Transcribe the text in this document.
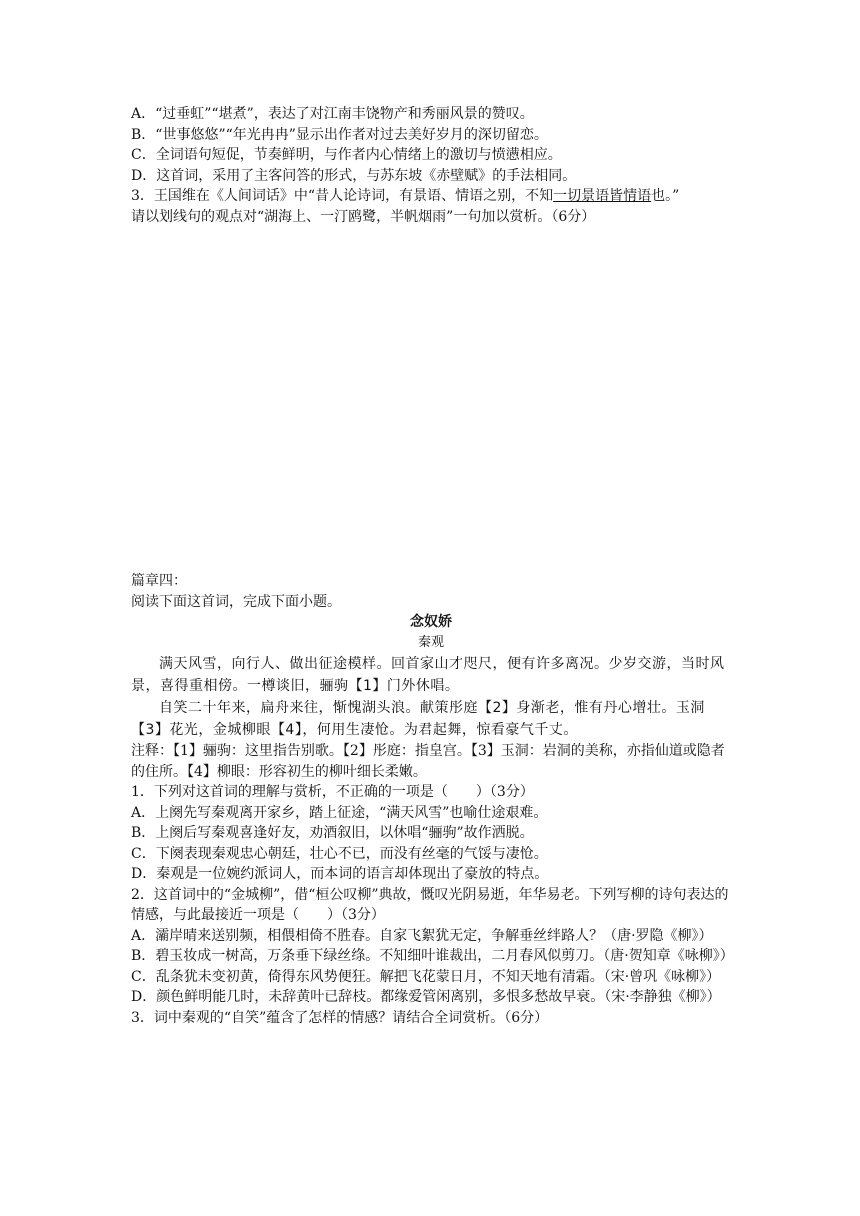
A．“过垂虹”“堪煮”，表达了对江南丰饶物产和秀丽风景的赞叹。
B．“世事悠悠”“年光冉冉”显示出作者对过去美好岁月的深切留恋。
C．全词语句短促，节奏鲜明，与作者内心情绪上的激切与愤懑相应。
D．这首词，采用了主客问答的形式，与苏东坡《赤壁赋》的手法相同。
3．王国维在《人间词话》中“昔人论诗词，有景语、情语之别，不知一切景语皆情语也。”
请以划线句的观点对“湖海上、一汀鸥鹭，半帆烟雨”一句加以赏析。（6分）
篇章四：
阅读下面这首词，完成下面小题。
念奴娇
秦观
满天风雪，向行人、做出征途模样。回首家山才咫尺，便有许多离况。少岁交游，当时风景，喜得重相傍。一樽谈旧，骊驹【1】门外休唱。
自笑二十年来，扁舟来往，惭愧湖头浪。献策彤庭【2】身渐老，惟有丹心增壮。玉洞【3】花光，金城柳眼【4】，何用生凄怆。为君起舞，惊看豪气千丈。
注释：【1】骊驹：这里指告别歌。【2】彤庭：指皇宫。【3】玉洞：岩洞的美称，亦指仙道或隐者的住所。【4】柳眼：形容初生的柳叶细长柔嫩。
1．下列对这首词的理解与赏析，不正确的一项是（　　）（3分）
A．上阕先写秦观离开家乡，踏上征途，“满天风雪”也喻仕途艰难。
B．上阕后写秦观喜逢好友，劝酒叙旧，以休唱“骊驹”故作洒脱。
C．下阕表现秦观忠心朝廷，壮心不已，而没有丝毫的气馁与凄怆。
D．秦观是一位婉约派词人，而本词的语言却体现出了豪放的特点。
2．这首词中的“金城柳”，借“桓公叹柳”典故，慨叹光阴易逝，年华易老。下列写柳的诗句表达的情感，与此最接近一项是（　　）（3分）
A．灞岸晴来送别频，相偎相倚不胜春。自家飞絮犹无定，争解垂丝绊路人？（唐·罗隐《柳》）
B．碧玉妆成一树高，万条垂下绿丝绦。不知细叶谁裁出，二月春风似剪刀。（唐·贺知章《咏柳》）
C．乱条犹未变初黄，倚得东风势便狂。解把飞花蒙日月，不知天地有清霜。（宋·曾巩《咏柳》）
D．颜色鲜明能几时，未辞黄叶已辞枝。都缘爱管闲离别，多恨多愁故早衰。（宋·李静独《柳》）
3．词中秦观的“自笑”蕴含了怎样的情感？请结合全词赏析。（6分）
